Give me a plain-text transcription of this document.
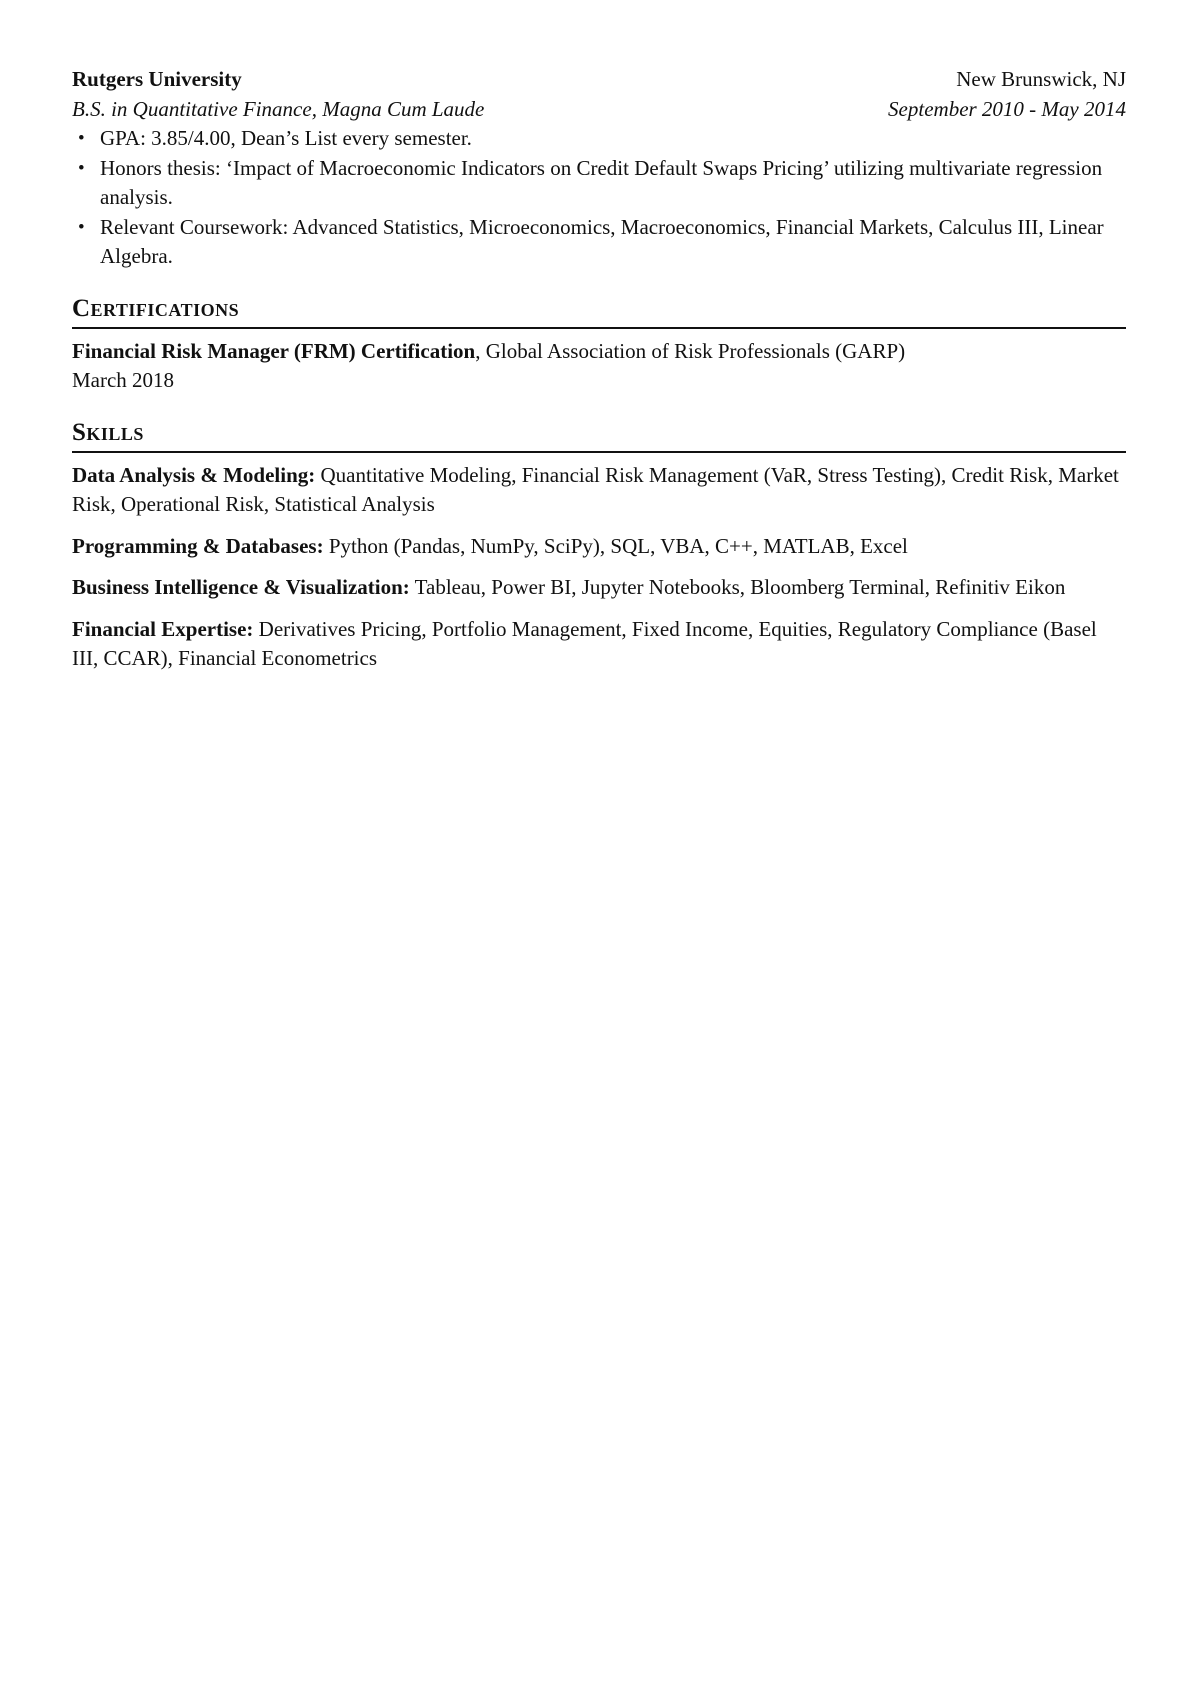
Rutgers University	New Brunswick, NJ
B.S. in Quantitative Finance, Magna Cum Laude	September 2010 - May 2014
• GPA: 3.85/4.00, Dean’s List every semester.
• Honors thesis: ‘Impact of Macroeconomic Indicators on Credit Default Swaps Pricing’ utilizing multivariate regression analysis.
• Relevant Coursework: Advanced Statistics, Microeconomics, Macroeconomics, Financial Markets, Calculus III, Linear Algebra.
Certifications
Financial Risk Manager (FRM) Certification, Global Association of Risk Professionals (GARP)
March 2018
Skills
Data Analysis & Modeling: Quantitative Modeling, Financial Risk Management (VaR, Stress Testing), Credit Risk, Market Risk, Operational Risk, Statistical Analysis
Programming & Databases: Python (Pandas, NumPy, SciPy), SQL, VBA, C++, MATLAB, Excel
Business Intelligence & Visualization: Tableau, Power BI, Jupyter Notebooks, Bloomberg Terminal, Refinitiv Eikon
Financial Expertise: Derivatives Pricing, Portfolio Management, Fixed Income, Equities, Regulatory Compliance (Basel III, CCAR), Financial Econometrics
